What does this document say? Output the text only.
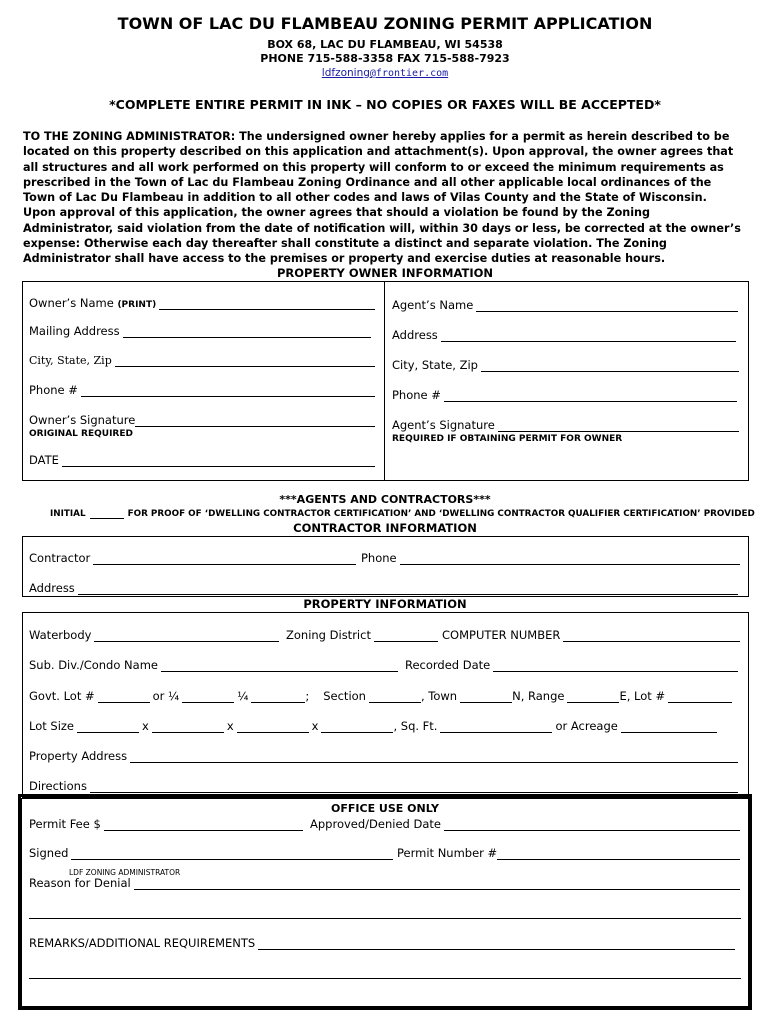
TOWN OF LAC DU FLAMBEAU ZONING PERMIT APPLICATION
BOX 68, LAC DU FLAMBEAU, WI 54538
PHONE 715-588-3358 FAX 715-588-7923
ldfzoning@frontier.com
*COMPLETE ENTIRE PERMIT IN INK – NO COPIES OR FAXES WILL BE ACCEPTED*
TO THE ZONING ADMINISTRATOR: The undersigned owner hereby applies for a permit as herein described to be located on this property described on this application and attachment(s). Upon approval, the owner agrees that all structures and all work performed on this property will conform to or exceed the minimum requirements as prescribed in the Town of Lac du Flambeau Zoning Ordinance and all other applicable local ordinances of the Town of Lac Du Flambeau in addition to all other codes and laws of Vilas County and the State of Wisconsin. Upon approval of this application, the owner agrees that should a violation be found by the Zoning Administrator, said violation from the date of notification will, within 30 days or less, be corrected at the owner’s expense: Otherwise each day thereafter shall constitute a distinct and separate violation. The Zoning Administrator shall have access to the premises or property and exercise duties at reasonable hours.
PROPERTY OWNER INFORMATION
Owner’s Name
(PRINT)
Mailing Address
City, State, Zip
Phone #
Owner’s Signature
ORIGINAL REQUIRED
DATE
Agent’s Name
Address
City, State, Zip
Phone #
Agent’s Signature
REQUIRED IF OBTAINING PERMIT FOR OWNER
***AGENTS AND CONTRACTORS***
INITIAL	FOR PROOF OF ‘DWELLING CONTRACTOR CERTIFICATION’ AND ‘DWELLING CONTRACTOR QUALIFIER CERTIFICATION’ PROVIDED
CONTRACTOR INFORMATION
Contractor	Phone
Address
PROPERTY INFORMATION
Waterbody	Zoning District	COMPUTER NUMBER
Sub. Div./Condo Name	Recorded Date
Govt. Lot #	or ¼	¼	; Section	, Town	N, Range	E, Lot #
Lot Size	x	x	x	, Sq. Ft.	or Acreage
Property Address
Directions
OFFICE USE ONLY
Permit Fee $	Approved/Denied Date
Signed	Permit Number #
LDF ZONING ADMINISTRATOR
Reason for Denial
REMARKS/ADDITIONAL REQUIREMENTS
